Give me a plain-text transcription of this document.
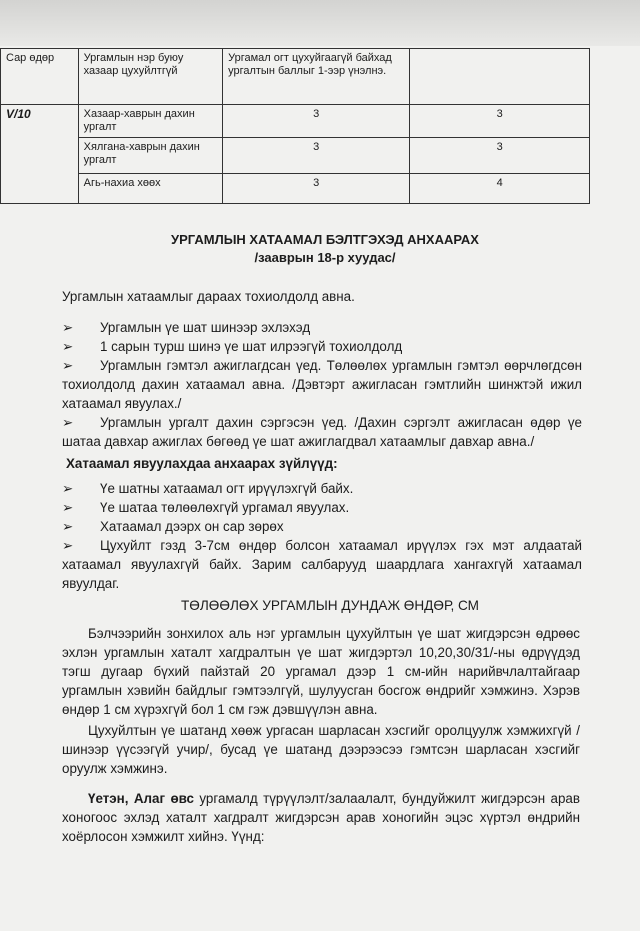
Сар өдөр	Ургамлын нэр буюу хазаар цухуйлтгүй	Ургамал огт цухуйгаагүй байхад ургалтын баллыг 1-ээр үнэлнэ.	
V/10	Хазаар-хаврын дахин ургалт	3	3
	Хялгана-хаврын дахин ургалт	3	3
	Агь-нахиа хөөх	3	4
УРГАМЛЫН ХАТААМАЛ БЭЛТГЭХЭД АНХААРАХ
/зааврын 18-р хуудас/
Ургамлын хатаамлыг дараах тохиолдолд авна.
➢ Ургамлын үе шат шинээр эхлэхэд
➢ 1 сарын турш шинэ үе шат илрээгүй тохиолдолд
➢ Ургамлын гэмтэл ажиглагдсан үед. Төлөөлөх ургамлын гэмтэл өөрчлөгдсөн тохиолдолд дахин хатаамал авна. /Дэвтэрт ажигласан гэмтлийн шинжтэй ижил хатаамал явуулах./
➢ Ургамлын ургалт дахин сэргэсэн үед. /Дахин сэргэлт ажигласан өдөр үе шатаа давхар ажиглах бөгөөд үе шат ажиглагдвал хатаамлыг давхар авна./
Хатаамал явуулахдаа анхаарах зүйлүүд:
➢ Үе шатны хатаамал огт ирүүлэхгүй байх.
➢ Үе шатаа төлөөлөхгүй ургамал явуулах.
➢ Хатаамал дээрх он сар зөрөх
➢ Цухуйлт гэзд 3-7см өндөр болсон хатаамал ирүүлэх гэх мэт алдаатай хатаамал явуулахгүй байх. Зарим салбарууд шаардлага хангахгүй хатаамал явуулдаг.
ТӨЛӨӨЛӨХ УРГАМЛЫН ДУНДАЖ ӨНДӨР, СМ
Бэлчээрийн зонхилох аль нэг ургамлын цухуйлтын үе шат жигдэрсэн өдрөөс эхлэн ургамлын хаталт хагдралтын үе шат жигдэртэл 10,20,30/31/-ны өдрүүдэд тэгш дугаар бүхий пайзтай 20 ургамал дээр 1 см-ийн нарийвчлалтайгаар ургамлын хэвийн байдлыг гэмтээлгүй, шулуусган босгож өндрийг хэмжинэ. Хэрэв өндөр 1 см хүрэхгүй бол 1 см гэж дэвшүүлэн авна.
Цухуйлтын үе шатанд хөөж ургасан шарласан хэсгийг оролцуулж хэмжихгүй /шинээр үүсээгүй учир/, бусад үе шатанд дээрээсээ гэмтсэн шарласан хэсгийг оруулж хэмжинэ.
Үетэн, Алаг өвс ургамалд түрүүлэлт/залаалалт, бундуйжилт жигдэрсэн арав хоногоос эхлэд хаталт хагдралт жигдэрсэн арав хоногийн эцэс хүртэл өндрийн хоёрлосон хэмжилт хийнэ. Үүнд:
